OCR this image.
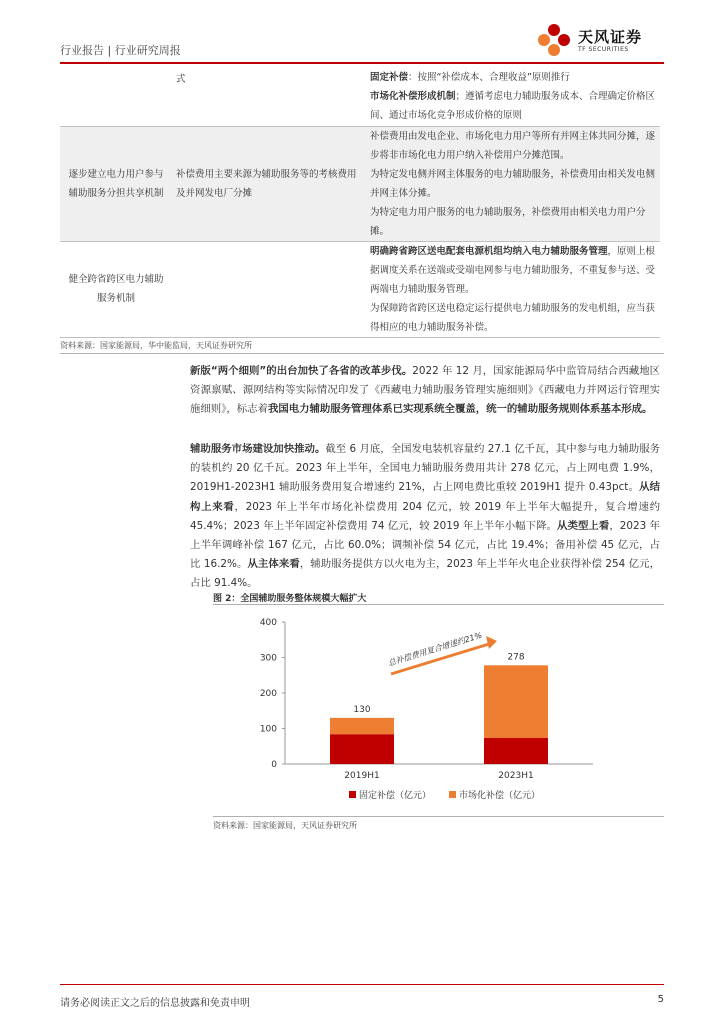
行业报告 | 行业研究周报
天风证券
TF SECURITIES
	式	固定补偿：按照“补偿成本、合理收益”原则推行
市场化补偿形成机制；遵循考虑电力辅助服务成本、合理确定价格区间、通过市场化竞争形成价格的原则

逐步建立电力用户参与辅助服务分担共享机制	补偿费用主要来源为辅助服务等的考核费用及并网发电厂分摊	补偿费用由发电企业、市场化电力用户等所有并网主体共同分摊，逐步将非市场化电力用户纳入补偿用户分摊范围。
为特定发电侧并网主体服务的电力辅助服务，补偿费用由相关发电侧并网主体分摊。
为特定电力用户服务的电力辅助服务，补偿费用由相关电力用户分摊。

健全跨省跨区电力辅助服务机制		明确跨省跨区送电配套电源机组均纳入电力辅助服务管理，原则上根据调度关系在送端或受端电网参与电力辅助服务，不重复参与送、受两端电力辅助服务管理。
为保障跨省跨区送电稳定运行提供电力辅助服务的发电机组，应当获得相应的电力辅助服务补偿。
资料来源：国家能源局，华中能监局，天风证券研究所

新版“两个细则”的出台加快了各省的改革步伐。2022 年 12 月，国家能源局华中监管局结合西藏地区资源禀赋、源网结构等实际情况印发了《西藏电力辅助服务管理实施细则》《西藏电力并网运行管理实施细则》，标志着我国电力辅助服务管理体系已实现系统全覆盖，统一的辅助服务规则体系基本形成。

辅助服务市场建设加快推动。截至 6 月底，全国发电装机容量约 27.1 亿千瓦，其中参与电力辅助服务的装机约 20 亿千瓦。2023 年上半年，全国电力辅助服务费用共计 278 亿元，占上网电费 1.9%，2019H1-2023H1 辅助服务费用复合增速约 21%，占上网电费比重较 2019H1 提升 0.43pct。从结构上来看，2023 年上半年市场化补偿费用 204 亿元，较 2019 年上半年大幅提升，复合增速约 45.4%；2023 年上半年固定补偿费用 74 亿元，较 2019 年上半年小幅下降。从类型上看，2023 年上半年调峰补偿 167 亿元，占比 60.0%；调频补偿 54 亿元，占比 19.4%；备用补偿 45 亿元，占比 16.2%。从主体来看，辅助服务提供方以火电为主，2023 年上半年火电企业获得补偿 254 亿元，占比 91.4%。

图 2：全国辅助服务整体规模大幅扩大
0
100
200
300
400
130
2019H1
278
2023H1
总补偿费用复合增速约21%
固定补偿（亿元）	市场化补偿（亿元）
资料来源：国家能源局，天风证券研究所
请务必阅读正文之后的信息披露和免责申明	5
